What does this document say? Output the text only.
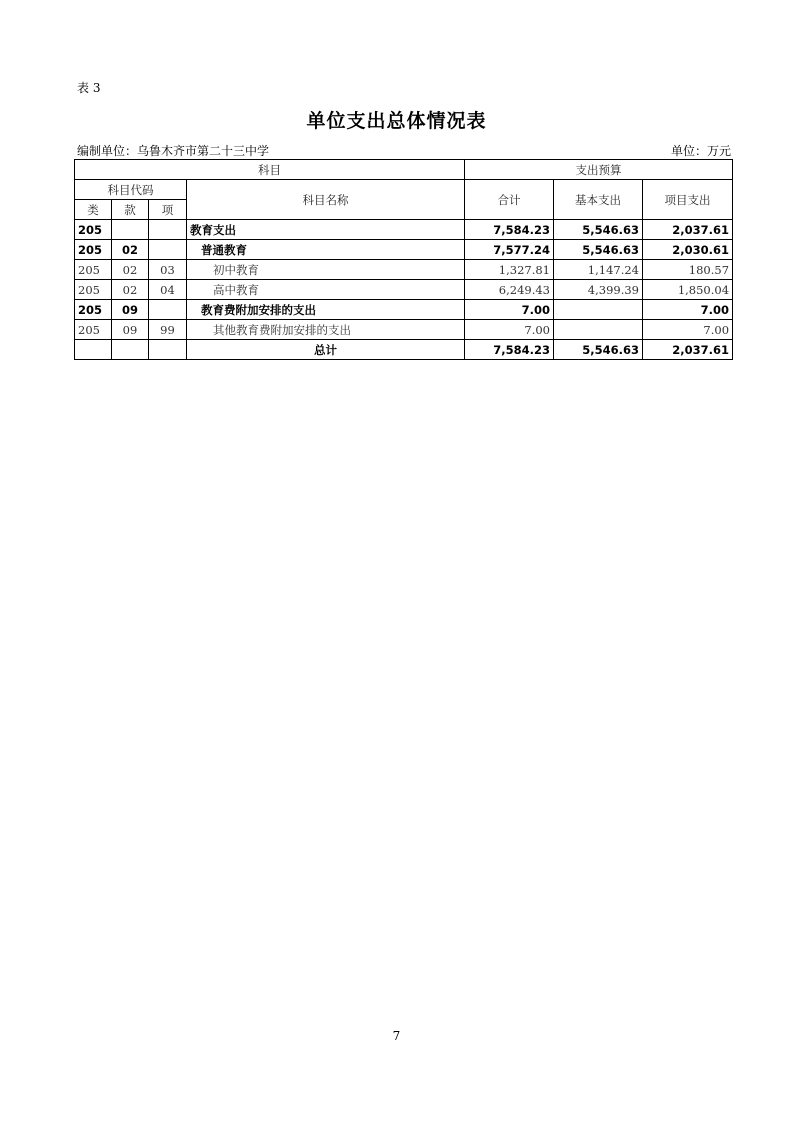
表 3
单位支出总体情况表
编制单位：乌鲁木齐市第二十三中学	单位：万元
科目				支出预算		
科目代码			科目名称	合计	基本支出	项目支出
类	款	项				
205			教育支出	7,584.23	5,546.63	2,037.61
205	02		普通教育	7,577.24	5,546.63	2,030.61
205	02	03	初中教育	1,327.81	1,147.24	180.57
205	02	04	高中教育	6,249.43	4,399.39	1,850.04
205	09		教育费附加安排的支出	7.00		7.00
205	09	99	其他教育费附加安排的支出	7.00		7.00
			总计	7,584.23	5,546.63	2,037.61
7
